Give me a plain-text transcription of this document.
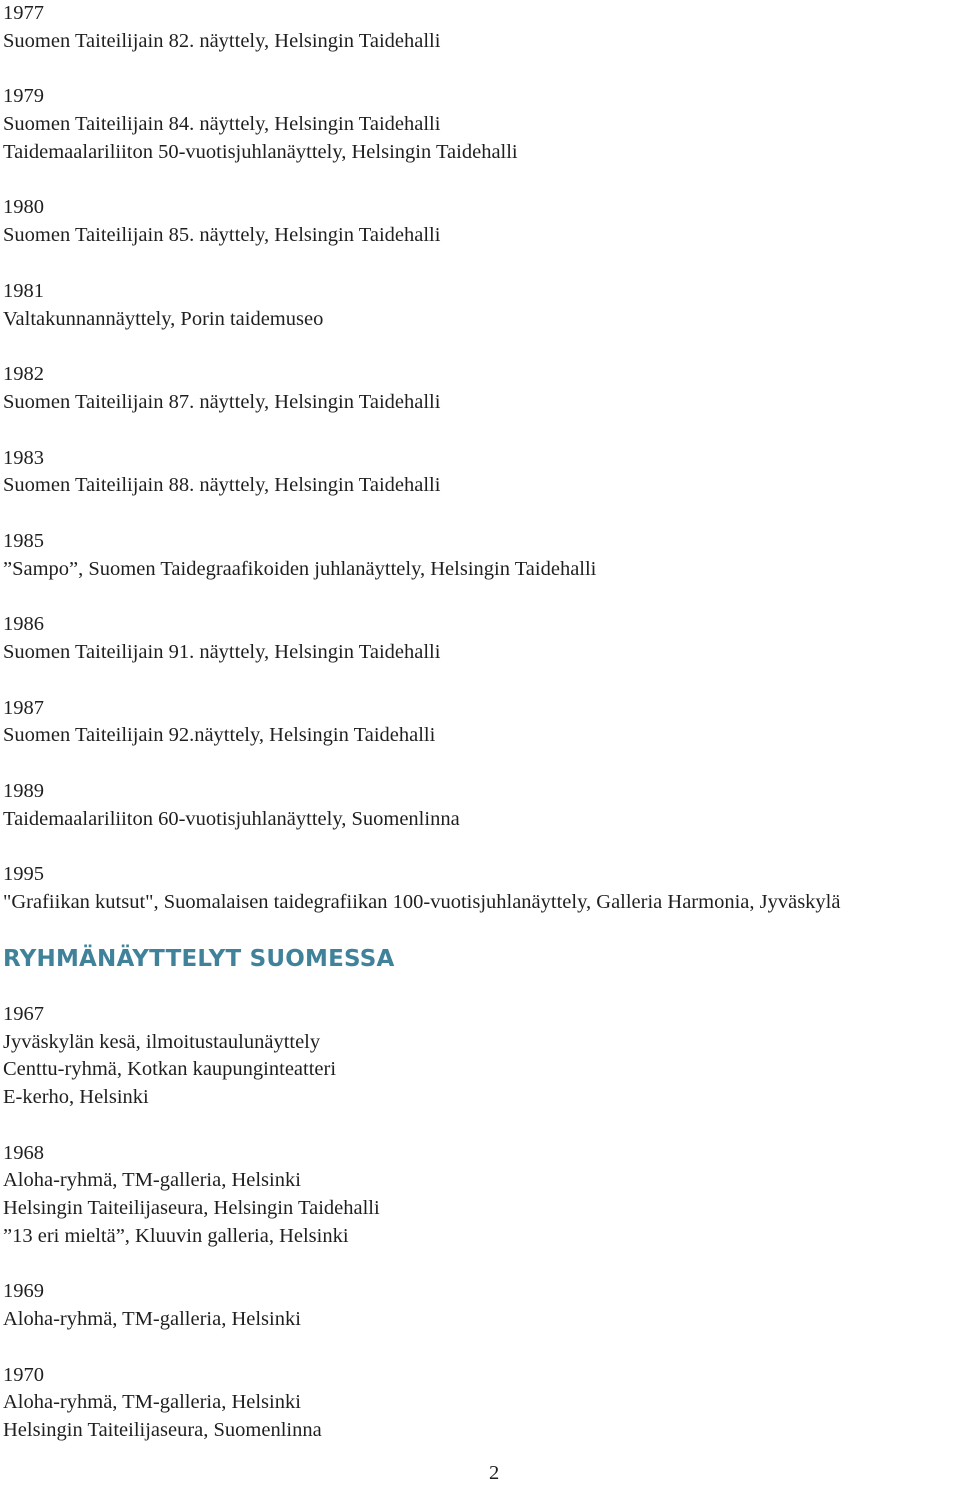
1977
Suomen Taiteilijain 82. näyttely, Helsingin Taidehalli
1979
Suomen Taiteilijain 84. näyttely, Helsingin Taidehalli
Taidemaalariliiton 50-vuotisjuhlanäyttely, Helsingin Taidehalli
1980
Suomen Taiteilijain 85. näyttely, Helsingin Taidehalli
1981
Valtakunnannäyttely, Porin taidemuseo
1982
Suomen Taiteilijain 87. näyttely, Helsingin Taidehalli
1983
Suomen Taiteilijain 88. näyttely, Helsingin Taidehalli
1985
”Sampo”, Suomen Taidegraafikoiden juhlanäyttely, Helsingin Taidehalli
1986
Suomen Taiteilijain 91. näyttely, Helsingin Taidehalli
1987
Suomen Taiteilijain 92.näyttely, Helsingin Taidehalli
1989
Taidemaalariliiton 60-vuotisjuhlanäyttely, Suomenlinna
1995
"Grafiikan kutsut", Suomalaisen taidegrafiikan 100-vuotisjuhlanäyttely, Galleria Harmonia, Jyväskylä
RYHMÄNÄYTTELYT SUOMESSA
1967
Jyväskylän kesä, ilmoitustaulunäyttely
Centtu-ryhmä, Kotkan kaupunginteatteri
E-kerho, Helsinki
1968
Aloha-ryhmä, TM-galleria, Helsinki
Helsingin Taiteilijaseura, Helsingin Taidehalli
”13 eri mieltä”, Kluuvin galleria, Helsinki
1969
Aloha-ryhmä, TM-galleria, Helsinki
1970
Aloha-ryhmä, TM-galleria, Helsinki
Helsingin Taiteilijaseura, Suomenlinna
2
